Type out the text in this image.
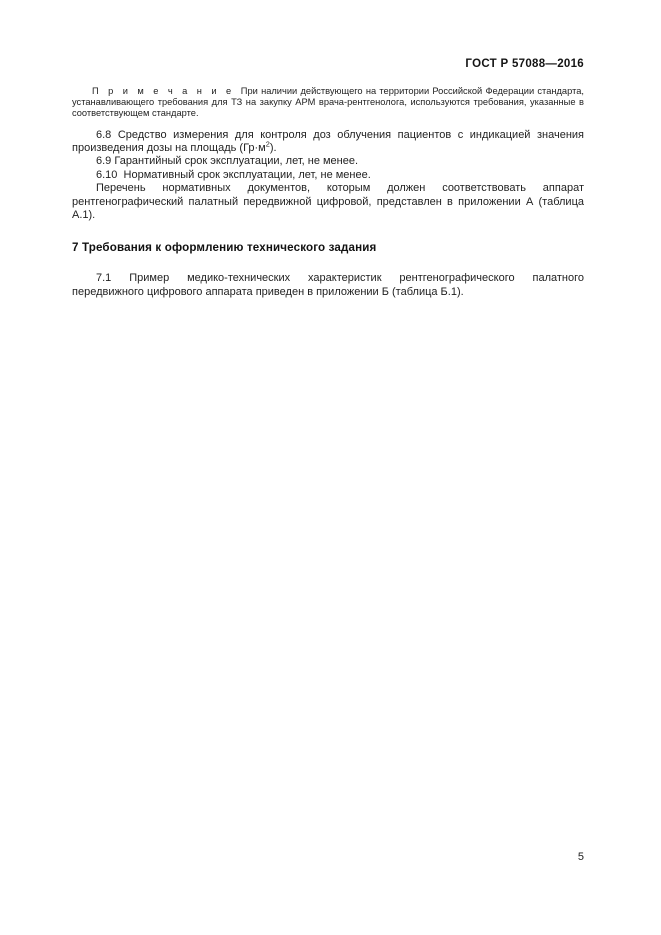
ГОСТ Р 57088—2016

П р и м е ч а н и е При наличии действующего на территории Российской Федерации стандарта, устанавливающего требования для ТЗ на закупку АРМ врача-рентгенолога, используются требования, указанные в соответствующем стандарте.

6.8 Средство измерения для контроля доз облучения пациентов с индикацией значения произведения дозы на площадь $(Гр\cdot м^2)$.

6.9 Гарантийный срок эксплуатации, лет, не менее.

6.10 Нормативный срок эксплуатации, лет, не менее.

Перечень нормативных документов, которым должен соответствовать аппарат рентгенографический палатный передвижной цифровой, представлен в приложении А (таблица А.1).

7 Требования к оформлению технического задания

7.1 Пример медико-технических характеристик рентгенографического палатного передвижного цифрового аппарата приведен в приложении Б (таблица Б.1).

5
